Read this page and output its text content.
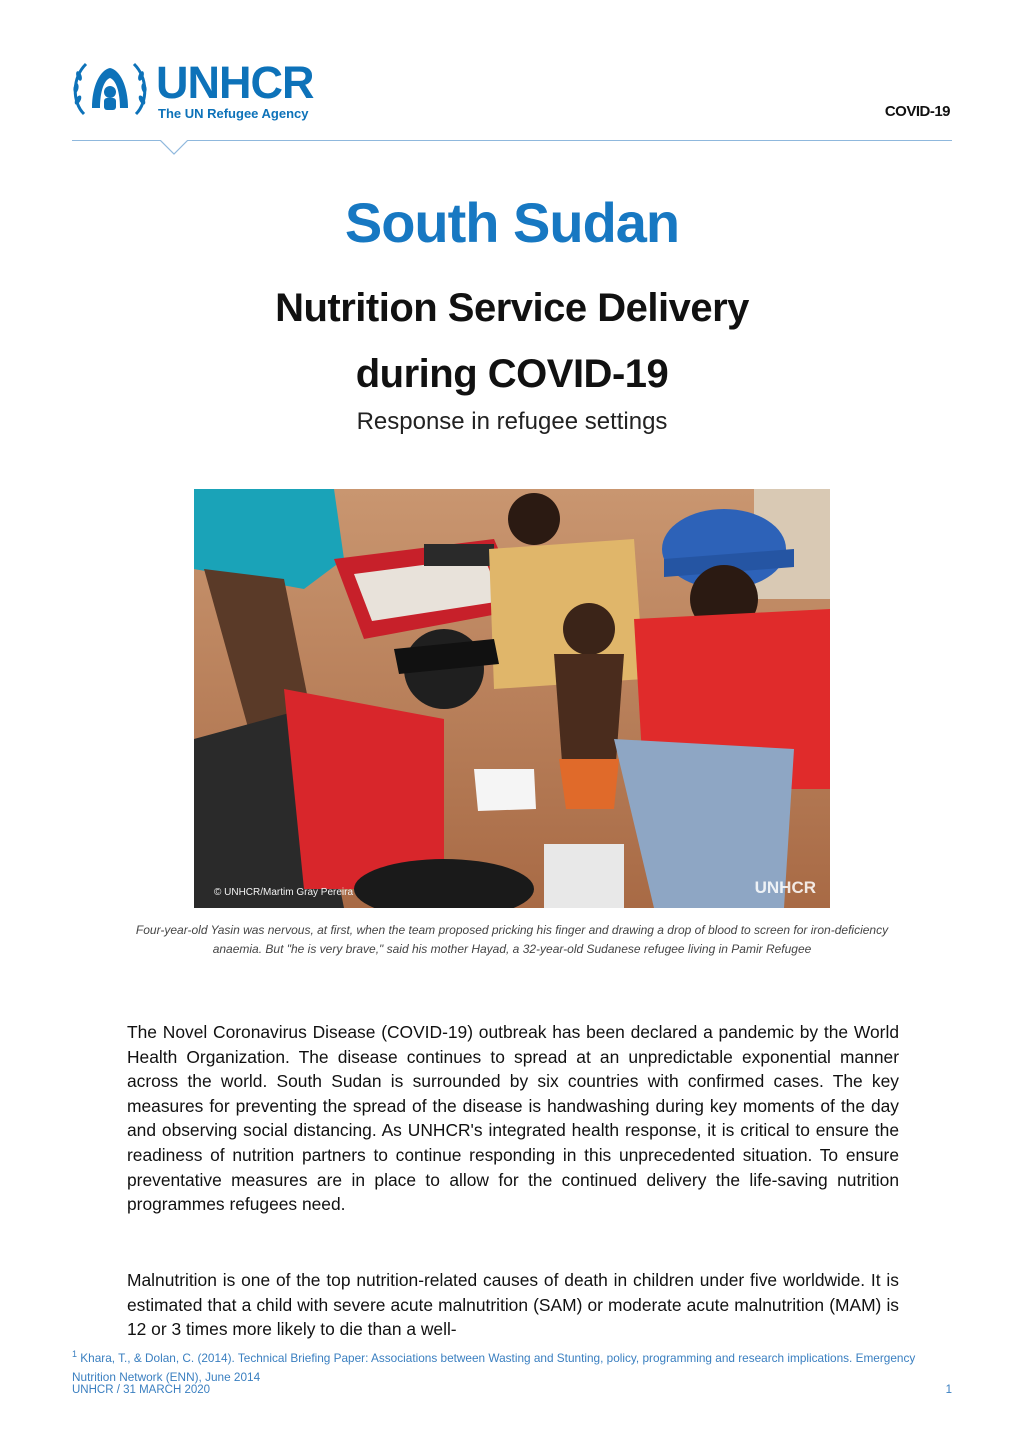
UNHCR
The UN Refugee Agency	COVID-19
South Sudan
Nutrition Service Delivery
during COVID-19
Response in refugee settings
© UNHCR/Martim Gray Pereira	UNHCR
Four-year-old Yasin was nervous, at first, when the team proposed pricking his finger and drawing a drop of blood to screen for iron-deficiency anaemia. But "he is very brave," said his mother Hayad, a 32-year-old Sudanese refugee living in Pamir Refugee
The Novel Coronavirus Disease (COVID-19) outbreak has been declared a pandemic by the World Health Organization. The disease continues to spread at an unpredictable exponential manner across the world. South Sudan is surrounded by six countries with confirmed cases. The key measures for preventing the spread of the disease is handwashing during key moments of the day and observing social distancing. As UNHCR's integrated health response, it is critical to ensure the readiness of nutrition partners to continue responding in this unprecedented situation. To ensure preventative measures are in place to allow for the continued delivery the life-saving nutrition programmes refugees need.
Malnutrition is one of the top nutrition-related causes of death in children under five worldwide. It is estimated that a child with severe acute malnutrition (SAM) or moderate acute malnutrition (MAM) is 12 or 3 times more likely to die than a well-
$^1$ Khara, T., & Dolan, C. (2014). Technical Briefing Paper: Associations between Wasting and Stunting, policy, programming and research implications. Emergency Nutrition Network (ENN), June 2014
UNHCR / 31 MARCH 2020	1
